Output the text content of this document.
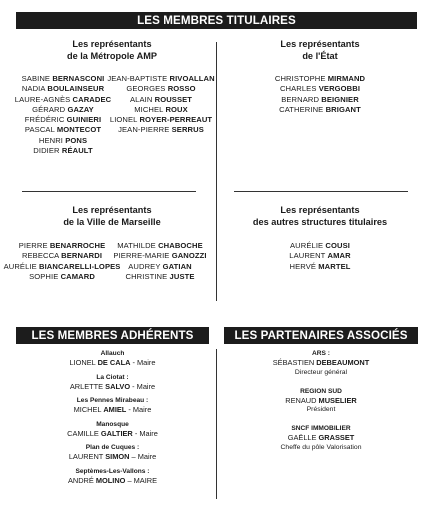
LES MEMBRES TITULAIRES
Les représentants
de la Métropole AMP
SABINE BERNASCONI
NADIA BOULAINSEUR
LAURE-AGNÈS CARADEC
GÉRARD GAZAY
FRÉDÉRIC GUINIERI
PASCAL MONTECOT
HENRI PONS
DIDIER RÉAULT
JEAN-BAPTISTE RIVOALLAN
GEORGES ROSSO
ALAIN ROUSSET
MICHEL ROUX
LIONEL ROYER-PERREAUT
JEAN-PIERRE SERRUS
Les représentants
de l'État
CHRISTOPHE MIRMAND
CHARLES VERGOBBI
BERNARD BEIGNIER
CATHERINE BRIGANT
Les représentants
de la Ville de Marseille
PIERRE BENARROCHE
REBECCA BERNARDI
AURÉLIE BIANCARELLI-LOPES
SOPHIE CAMARD
MATHILDE CHABOCHE
PIERRE-MARIE GANOZZI
AUDREY GATIAN
CHRISTINE JUSTE
Les représentants
des autres structures titulaires
AURÉLIE COUSI
LAURENT AMAR
HERVÉ MARTEL
LES MEMBRES ADHÉRENTS	LES PARTENAIRES ASSOCIÉS
Allauch
LIONEL DE CALA - Maire
La Ciotat :
ARLETTE SALVO - Maire
Les Pennes Mirabeau :
MICHEL AMIEL - Maire
Manosque
CAMILLE GALTIER - Maire
Plan de Cuques :
LAURENT SIMON – Maire
Septèmes-Les-Vallons :
ANDRÉ MOLINO – MAIRE
ARS :
SÉBASTIEN DEBEAUMONT
Directeur général
REGION SUD
RENAUD MUSELIER
Président
SNCF IMMOBILIER
GAËLLE GRASSET
Cheffe du pôle Valorisation
